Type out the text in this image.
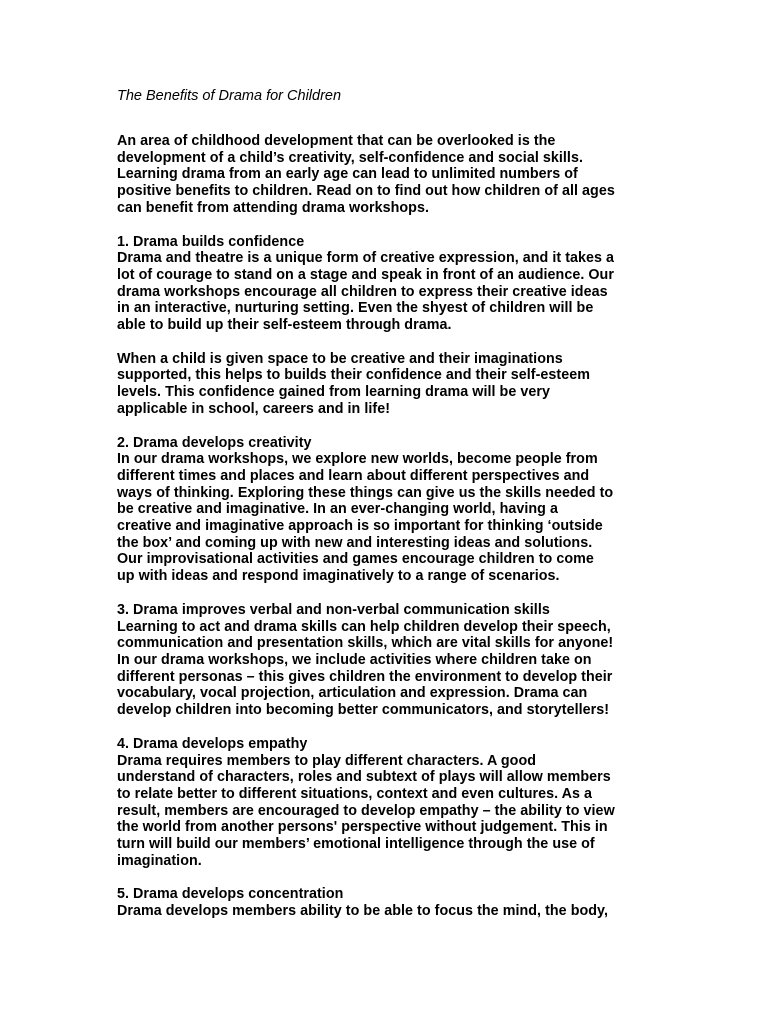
The Benefits of Drama for Children
An area of childhood development that can be overlooked is the
development of a child’s creativity, self-confidence and social skills.
Learning drama from an early age can lead to unlimited numbers of
positive benefits to children. Read on to find out how children of all ages
can benefit from attending drama workshops.
1. Drama builds confidence
Drama and theatre is a unique form of creative expression, and it takes a
lot of courage to stand on a stage and speak in front of an audience. Our
drama workshops encourage all children to express their creative ideas
in an interactive, nurturing setting. Even the shyest of children will be
able to build up their self-esteem through drama.
When a child is given space to be creative and their imaginations
supported, this helps to builds their confidence and their self-esteem
levels. This confidence gained from learning drama will be very
applicable in school, careers and in life!
2. Drama develops creativity
In our drama workshops, we explore new worlds, become people from
different times and places and learn about different perspectives and
ways of thinking. Exploring these things can give us the skills needed to
be creative and imaginative. In an ever-changing world, having a
creative and imaginative approach is so important for thinking ‘outside
the box’ and coming up with new and interesting ideas and solutions.
Our improvisational activities and games encourage children to come
up with ideas and respond imaginatively to a range of scenarios.
3. Drama improves verbal and non-verbal communication skills
Learning to act and drama skills can help children develop their speech,
communication and presentation skills, which are vital skills for anyone!
In our drama workshops, we include activities where children take on
different personas – this gives children the environment to develop their
vocabulary, vocal projection, articulation and expression. Drama can
develop children into becoming better communicators, and storytellers!
4. Drama develops empathy
Drama requires members to play different characters. A good
understand of characters, roles and subtext of plays will allow members
to relate better to different situations, context and even cultures. As a
result, members are encouraged to develop empathy – the ability to view
the world from another persons' perspective without judgement. This in
turn will build our members’ emotional intelligence through the use of
imagination.
5. Drama develops concentration
Drama develops members ability to be able to focus the mind, the body,
